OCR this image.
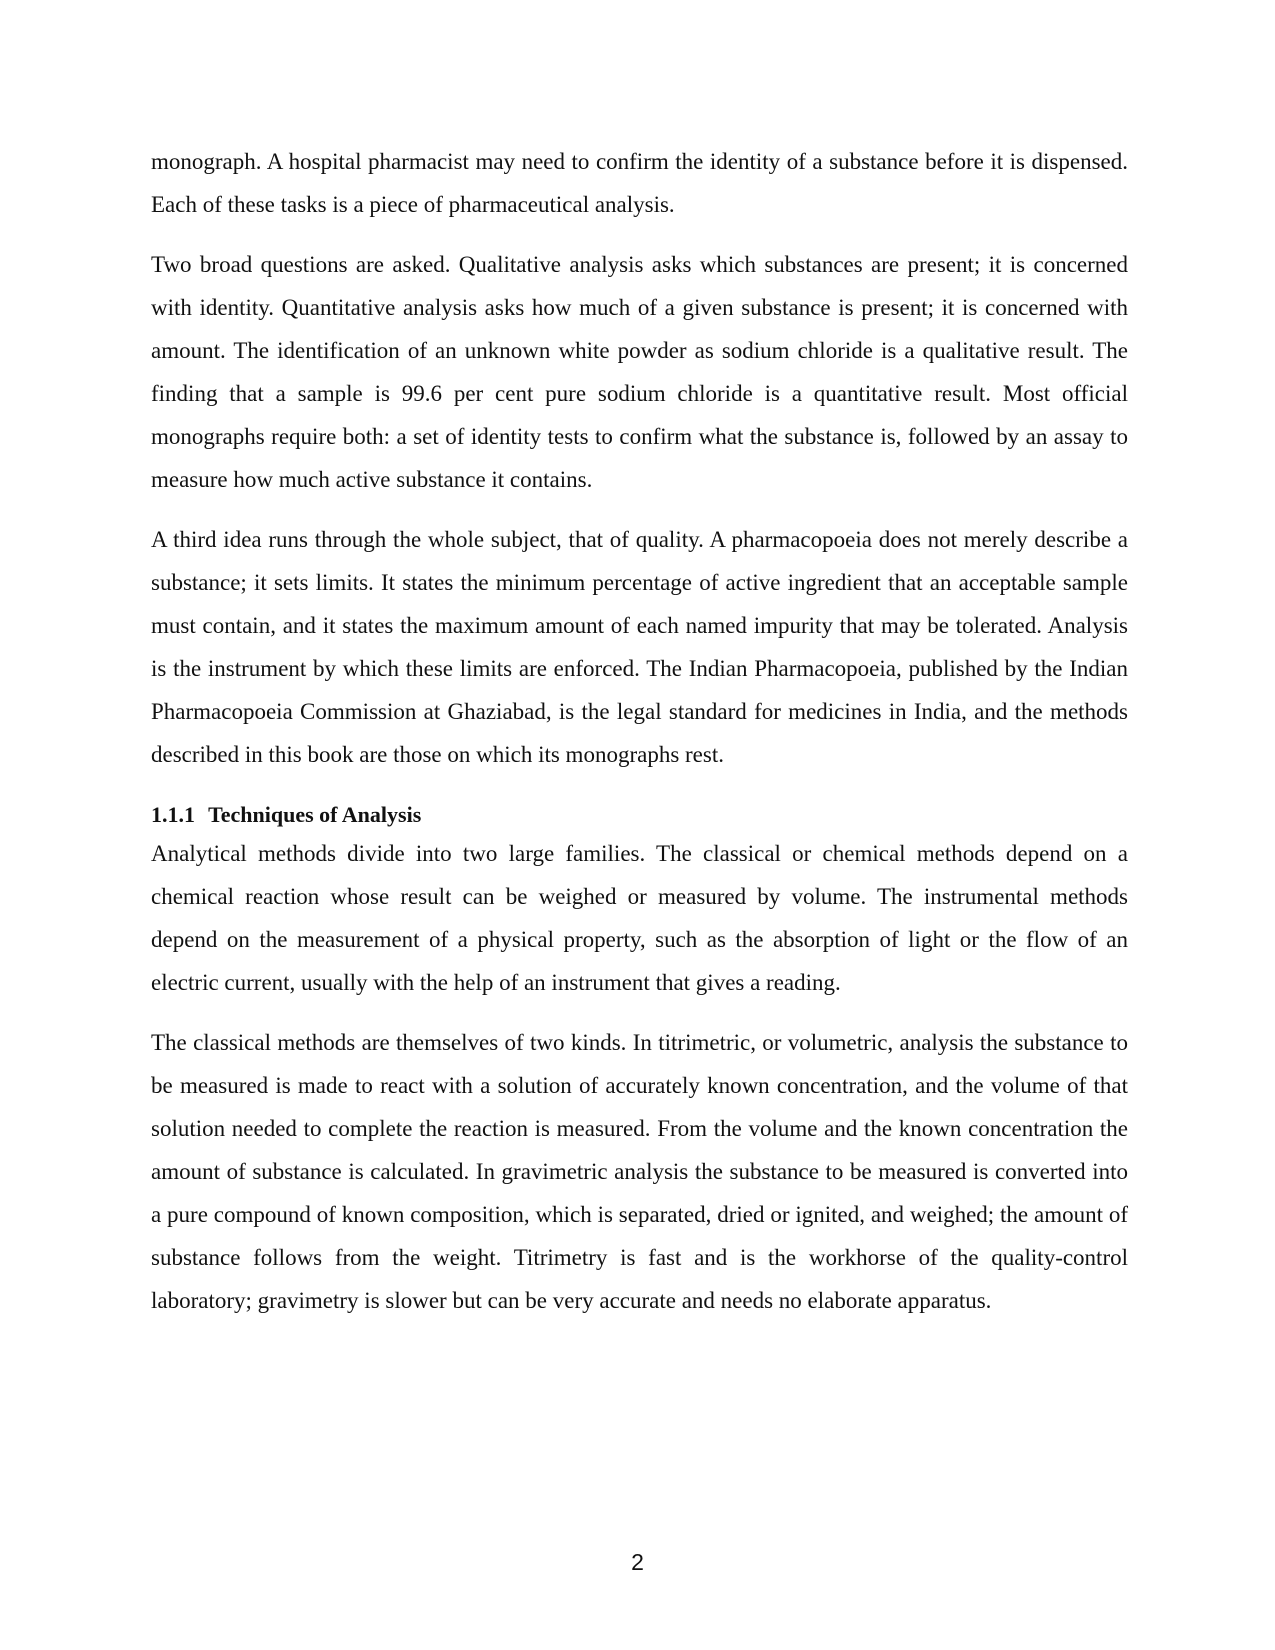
monograph. A hospital pharmacist may need to confirm the identity of a substance before it is dispensed. Each of these tasks is a piece of pharmaceutical analysis.

Two broad questions are asked. Qualitative analysis asks which substances are present; it is concerned with identity. Quantitative analysis asks how much of a given substance is present; it is concerned with amount. The identification of an unknown white powder as sodium chloride is a qualitative result. The finding that a sample is 99.6 per cent pure sodium chloride is a quantitative result. Most official monographs require both: a set of identity tests to confirm what the substance is, followed by an assay to measure how much active substance it contains.

A third idea runs through the whole subject, that of quality. A pharmacopoeia does not merely describe a substance; it sets limits. It states the minimum percentage of active ingredient that an acceptable sample must contain, and it states the maximum amount of each named impurity that may be tolerated. Analysis is the instrument by which these limits are enforced. The Indian Pharmacopoeia, published by the Indian Pharmacopoeia Commission at Ghaziabad, is the legal standard for medicines in India, and the methods described in this book are those on which its monographs rest.

1.1.1 Techniques of Analysis

Analytical methods divide into two large families. The classical or chemical methods depend on a chemical reaction whose result can be weighed or measured by volume. The instrumental methods depend on the measurement of a physical property, such as the absorption of light or the flow of an electric current, usually with the help of an instrument that gives a reading.

The classical methods are themselves of two kinds. In titrimetric, or volumetric, analysis the substance to be measured is made to react with a solution of accurately known concentration, and the volume of that solution needed to complete the reaction is measured. From the volume and the known concentration the amount of substance is calculated. In gravimetric analysis the substance to be measured is converted into a pure compound of known composition, which is separated, dried or ignited, and weighed; the amount of substance follows from the weight. Titrimetry is fast and is the workhorse of the quality-control laboratory; gravimetry is slower but can be very accurate and needs no elaborate apparatus.

2
